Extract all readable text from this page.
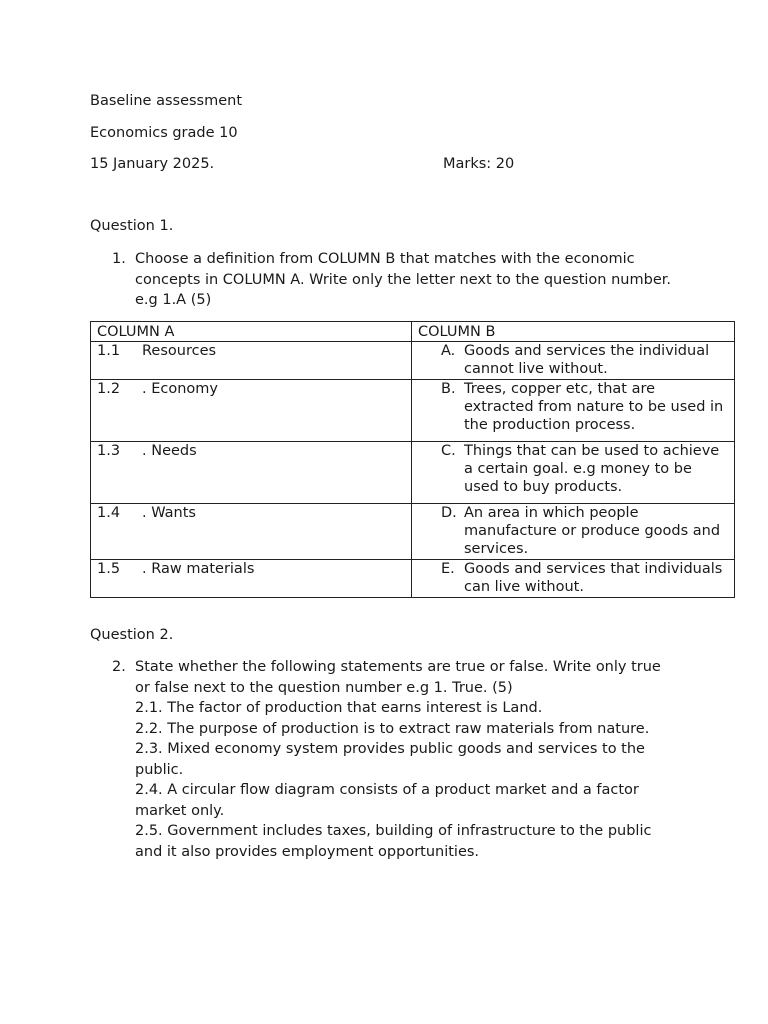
Baseline assessment
Economics grade 10
15 January 2025.	Marks: 20
Question 1.
1. Choose a definition from COLUMN B that matches with the economic concepts in COLUMN A. Write only the letter next to the question number. e.g 1.A (5)
COLUMN A	COLUMN B

1.1 Resources	A. Goods and services the individual cannot live without.

1.2 . Economy	B. Trees, copper etc, that are extracted from nature to be used in the production process.

1.3 . Needs	C. Things that can be used to achieve a certain goal. e.g money to be used to buy products.

1.4 . Wants	D. An area in which people manufacture or produce goods and services.

1.5 . Raw materials	E. Goods and services that individuals can live without.
Question 2.
2. State whether the following statements are true or false. Write only true or false next to the question number e.g 1. True. (5)
2.1. The factor of production that earns interest is Land.
2.2. The purpose of production is to extract raw materials from nature.
2.3. Mixed economy system provides public goods and services to the public.
2.4. A circular flow diagram consists of a product market and a factor market only.
2.5. Government includes taxes, building of infrastructure to the public and it also provides employment opportunities.
